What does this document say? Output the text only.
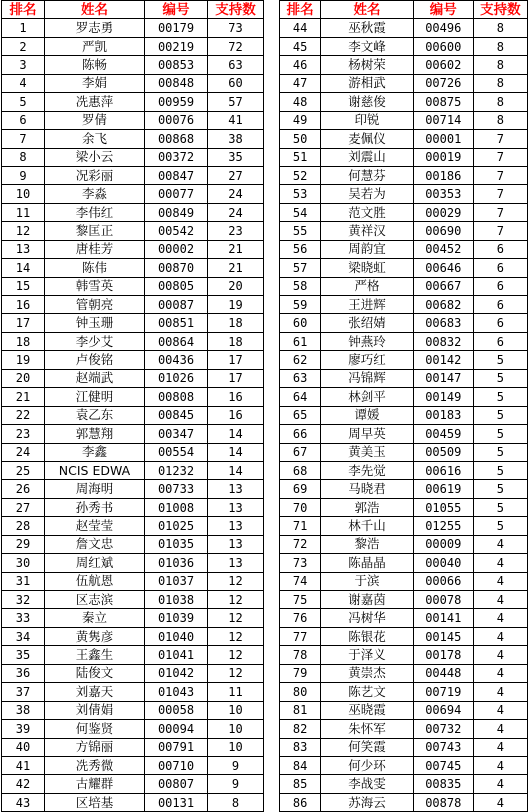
排名	姓名	编号	支持数
1	罗志勇	00179	73
2	严凯	00219	72
3	陈畅	00853	63
4	李娟	00848	60
5	冼惠萍	00959	57
6	罗倩	00076	41
7	余飞	00868	38
8	梁小云	00372	35
9	况彩丽	00847	27
10	李淼	00077	24
11	李伟红	00849	24
12	黎匡正	00542	23
13	唐桂芳	00002	21
14	陈伟	00870	21
15	韩雪英	00805	20
16	管朝亮	00087	19
17	钟玉珊	00851	18
18	李少艾	00864	18
19	卢俊铭	00436	17
20	赵端武	01026	17
21	江健明	00808	16
22	袁乙东	00845	16
23	郭慧翔	00347	14
24	李鑫	00554	14
25	NCIS EDWA	01232	14
26	周海明	00733	13
27	孙秀书	01008	13
28	赵莹莹	01025	13
29	詹文忠	01035	13
30	周红斌	01036	13
31	伍航恩	01037	12
32	区志滨	01038	12
33	秦立	01039	12
34	黄隽彦	01040	12
35	王鑫生	01041	12
36	陆俊文	01042	12
37	刘嘉天	01043	11
38	刘倩娟	00058	10
39	何鉴贤	00094	10
40	方锦丽	00791	10
41	冼秀微	00710	9
42	古耀群	00807	9
43	区培基	00131	8
排名	姓名	编号	支持数
44	巫秋霞	00496	8
45	李文峰	00600	8
46	杨树荣	00602	8
47	游相武	00726	8
48	谢慈俊	00875	8
49	印锐	00714	8
50	麦佩仪	00001	7
51	刘震山	00019	7
52	何慧芬	00186	7
53	吴若为	00353	7
54	范文胜	00029	7
55	黄祥汉	00690	7
56	周韵宜	00452	6
57	梁晓虹	00646	6
58	严格	00667	6
59	王进辉	00682	6
60	张绍婧	00683	6
61	钟燕玲	00832	6
62	廖巧红	00142	5
63	冯锦辉	00147	5
64	林剑平	00149	5
65	谭媛	00183	5
66	周早英	00459	5
67	黄美玉	00509	5
68	李先觉	00616	5
69	马晓君	00619	5
70	郭浩	01055	5
71	林千山	01255	5
72	黎浩	00009	4
73	陈晶晶	00040	4
74	于滨	00066	4
75	谢嘉茵	00078	4
76	冯树华	00141	4
77	陈银花	00145	4
78	于泽义	00178	4
79	黄崇杰	00448	4
80	陈艺文	00719	4
81	巫晓霞	00694	4
82	朱怀军	00732	4
83	何笑霞	00743	4
84	何少环	00745	4
85	李战雯	00835	4
86	苏海云	00878	4
